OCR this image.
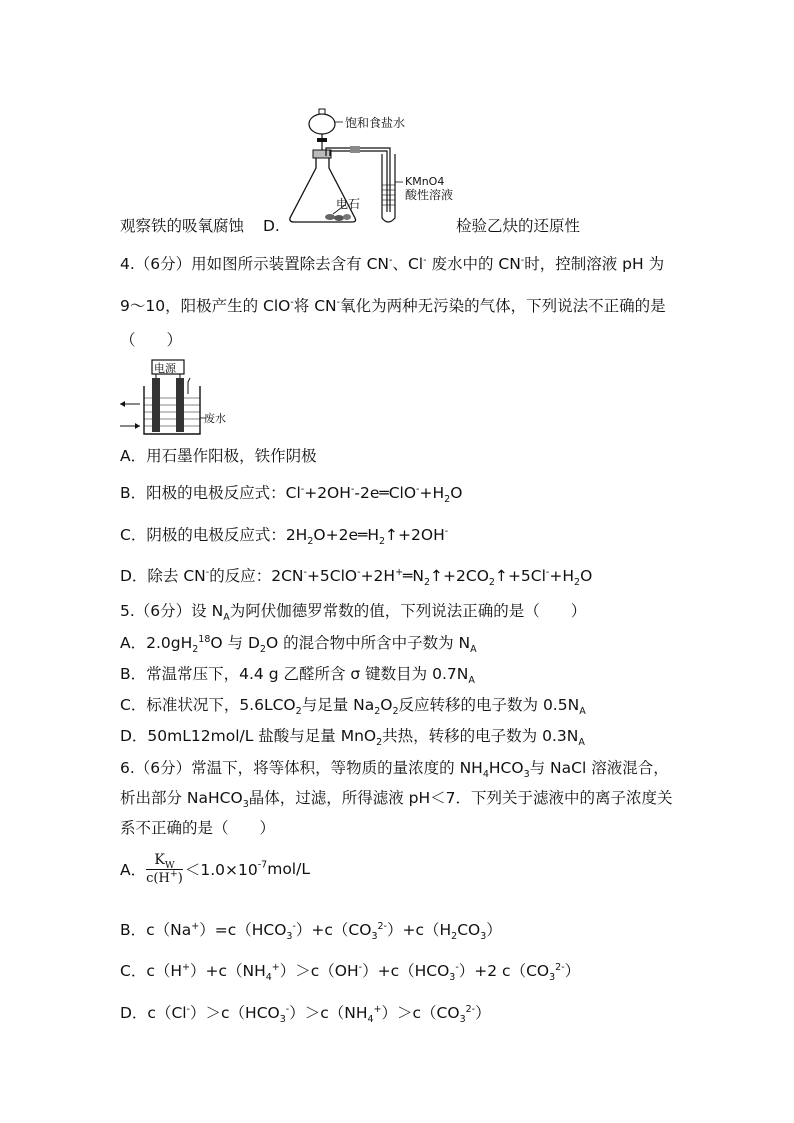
饱和食盐水
KMnO4
酸性溶液
电石
观察铁的吸氧腐蚀 D.	检验乙炔的还原性
4.（6分）用如图所示装置除去含有 CN-、Cl- 废水中的 CN-时，控制溶液 pH 为
9～10，阳极产生的 ClO-将 CN-氧化为两种无污染的气体，下列说法不正确的是
（　　）
电源
废水
A．用石墨作阳极，铁作阴极
B．阳极的电极反应式：$Cl^-+2OH^--2e═ClO^-+H_2O$
C．阴极的电极反应式：$2H_2O+2e═H_2↑+2OH^-$
D．除去 CN-的反应：$2CN^-+5ClO^-+2H^+═N_2↑+2CO_2↑+5Cl^-+H_2O$
5.（6分）设 $N_A$为阿伏伽德罗常数的值，下列说法正确的是（　　）
A．$2.0gH_2^{18}O$ 与 $D_2O$ 的混合物中所含中子数为 $N_A$
B．常温常压下，4.4 g 乙醛所含 σ 键数目为 $0.7N_A$
C．标准状况下，$5.6LCO_2$与足量 $Na_2O_2$反应转移的电子数为 $0.5N_A$
D．50mL12mol/L 盐酸与足量 MnO$_2$共热，转移的电子数为 $0.3N_A$
6.（6分）常温下，将等体积，等物质的量浓度的 $NH_4HCO_3$与 NaCl 溶液混合，
析出部分 NaHCO$_3$晶体，过滤，所得滤液 pH＜7．下列关于滤液中的离子浓度关
系不正确的是（　　）
A． $\frac{K_W}{c(H^+)} <1.0\times 10^{-7}mol/L$
B．$c(Na^+)=c(HCO_3^-)+c(CO_3^{2-})+c(H_2CO_3)$
C．$c(H^+)+c(NH_4^+)>c(OH^-)+c(HCO_3^-)+2$ $c(CO_3^{2-})$
D．$c(Cl^-)>c(HCO_3^-)>c(NH_4^+)>c(CO_3^{2-})$
